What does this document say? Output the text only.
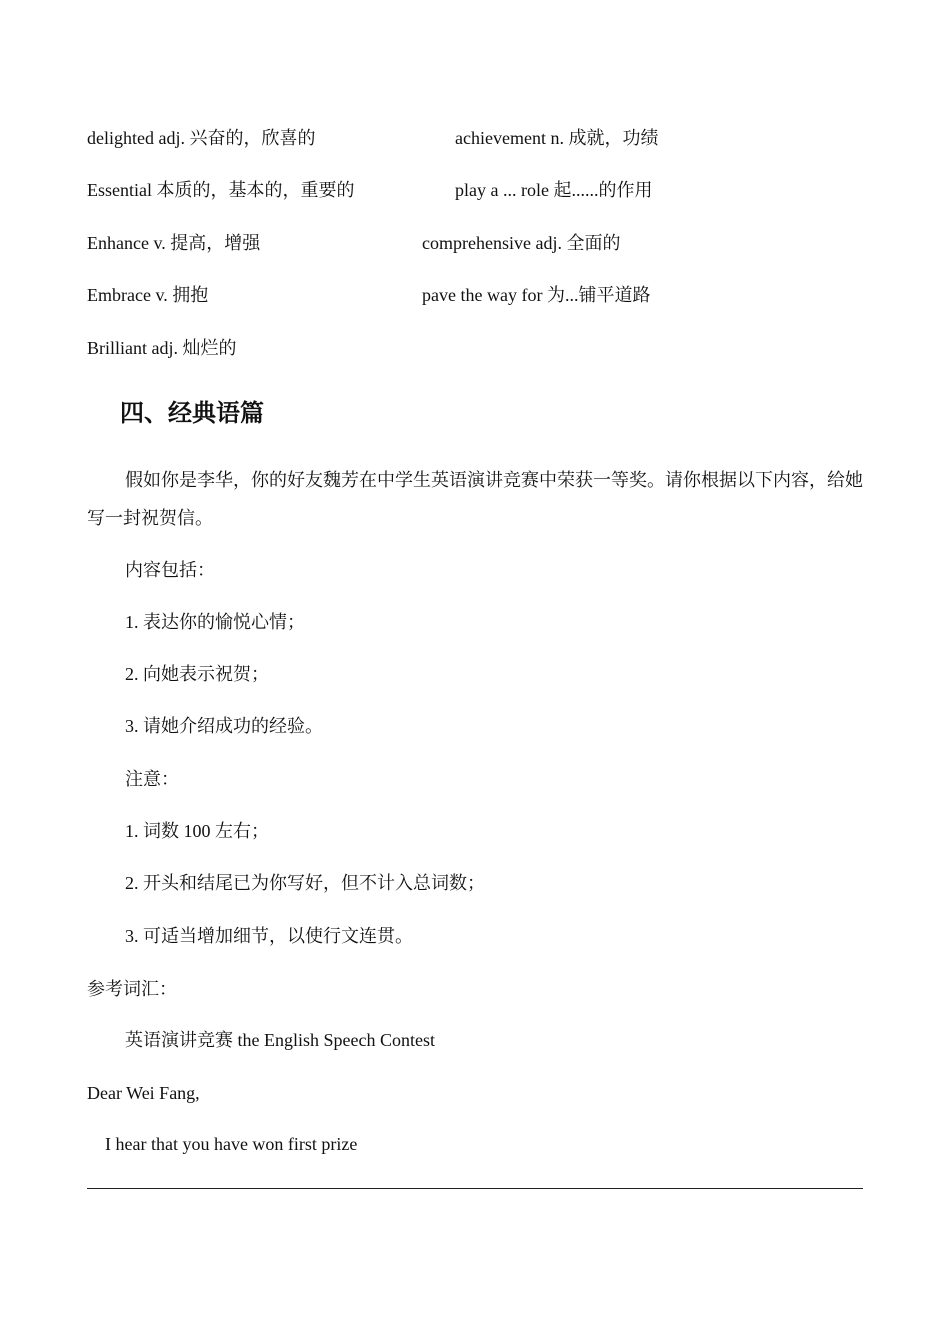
delighted adj. 兴奋的，欣喜的	achievement n. 成就，功绩
Essential 本质的，基本的，重要的	play a ... role 起......的作用
Enhance v. 提高，增强	comprehensive adj. 全面的
Embrace v. 拥抱	pave the way for 为...铺平道路
Brilliant adj. 灿烂的
四、经典语篇
假如你是李华，你的好友魏芳在中学生英语演讲竞赛中荣获一等奖。请你根据以下内容，给她写一封祝贺信。
内容包括：
1. 表达你的愉悦心情；
2. 向她表示祝贺；
3. 请她介绍成功的经验。
注意：
1. 词数 100 左右；
2. 开头和结尾已为你写好，但不计入总词数；
3. 可适当增加细节，以使行文连贯。
参考词汇：
英语演讲竞赛 the English Speech Contest
Dear Wei Fang,
I hear that you have won first prize
